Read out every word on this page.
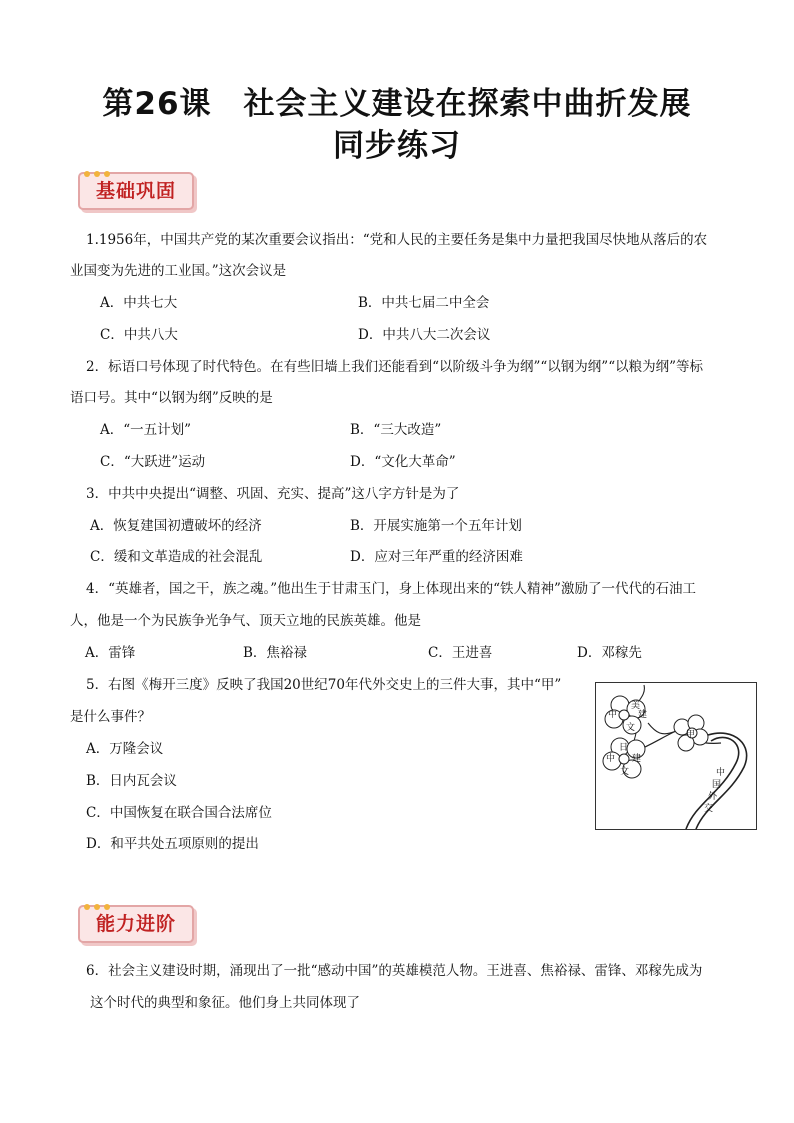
第26课　社会主义建设在探索中曲折发展
同步练习
基础巩固
1.1956年，中国共产党的某次重要会议指出：“党和人民的主要任务是集中力量把我国尽快地从落后的农
业国变为先进的工业国。”这次会议是
A．中共七大	B．中共七届二中全会
C．中共八大	D．中共八大二次会议
2．标语口号体现了时代特色。在有些旧墙上我们还能看到“以阶级斗争为纲”“以钢为纲”“以粮为纲”等标
语口号。其中“以钢为纲”反映的是
A．“一五计划”	B．“三大改造”
C．“大跃进”运动	D．“文化大革命”
3．中共中央提出“调整、巩固、充实、提高”这八字方针是为了
A．恢复建国初遭破坏的经济	B．开展实施第一个五年计划
C．缓和文革造成的社会混乱	D．应对三年严重的经济困难
4．“英雄者，国之干，族之魂。”他出生于甘肃玉门，身上体现出来的“铁人精神”激励了一代代的石油工
人，他是一个为民族争光争气、顶天立地的民族英雄。他是
A．雷锋	B．焦裕禄	C．王进喜	D．邓稼先
5．右图《梅开三度》反映了我国20世纪70年代外交史上的三件大事，其中“甲”
是什么事件？
A．万隆会议
B．日内瓦会议
C．中国恢复在联合国合法席位
D．和平共处五项原则的提出
美
中 建
文
甲
日
中 建
文	中
国
外
交
能力进阶
6．社会主义建设时期，涌现出了一批“感动中国”的英雄模范人物。王进喜、焦裕禄、雷锋、邓稼先成为
这个时代的典型和象征。他们身上共同体现了
